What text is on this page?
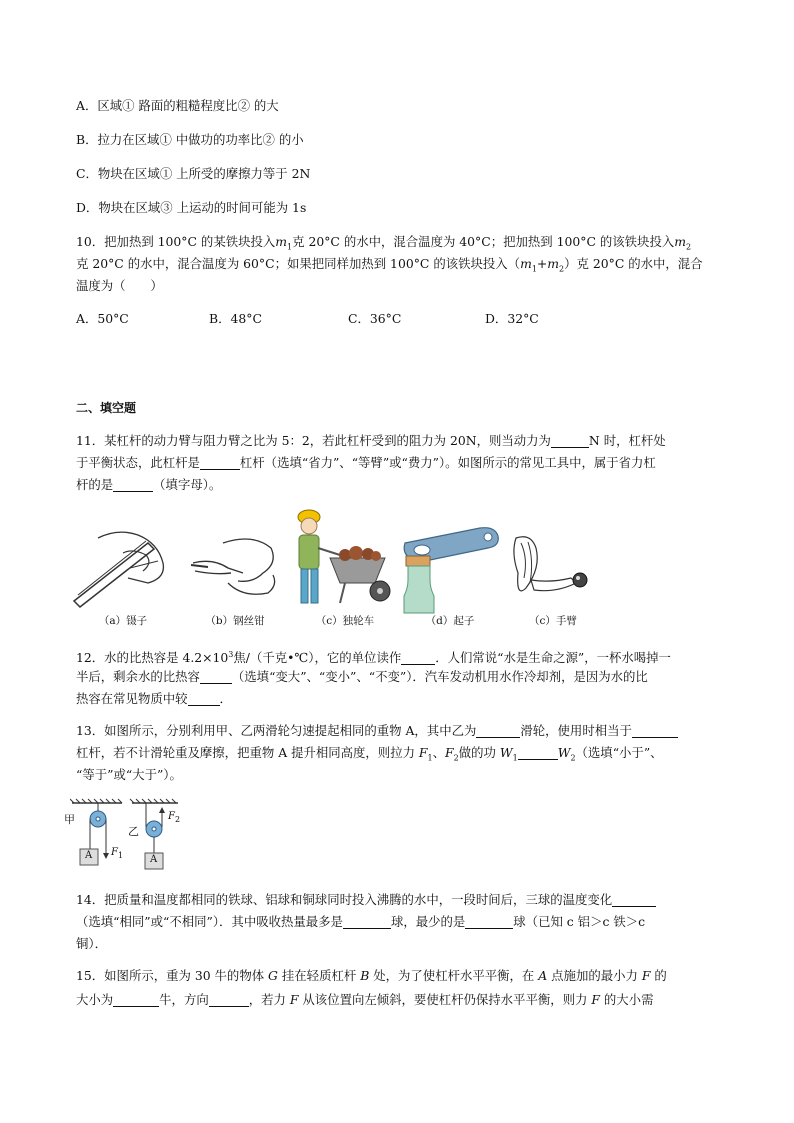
A．区域① 路面的粗糙程度比② 的大
B．拉力在区域① 中做功的功率比② 的小
C．物块在区域① 上所受的摩擦力等于 2N
D．物块在区域③ 上运动的时间可能为 1s
10．把加热到 100°C 的某铁块投入$m_1$克 20°C 的水中，混合温度为 40°C；把加热到 100°C 的该铁块投入$m_2$
克 20°C 的水中，混合温度为 60°C；如果把同样加热到 100°C 的该铁块投入$(m_1+m_2)$克 20°C 的水中，混合
温度为（　　）
A．50°C	B．48°C	C．36°C	D．32°C
二、填空题
11．某杠杆的动力臂与阻力臂之比为 5：2，若此杠杆受到的阻力为 20N，则当动力为	N 时，杠杆处
于平衡状态，此杠杆是	杠杆（选填“省力”、“等臂”或“费力”）。如图所示的常见工具中，属于省力杠
杆的是	（填字母）。
（a）镊子	（b）钢丝钳	（c）独轮车	（d）起子	（c）手臂
12．水的比热容是 $4.2\times 10^3$焦/（千克•℃），它的单位读作	．人们常说“水是生命之源”，一杯水喝掉一
半后，剩余水的比热容	（选填“变大”、“变小”、“不变”）．汽车发动机用水作冷却剂，是因为水的比
热容在常见物质中较	．
13．如图所示，分别利用甲、乙两滑轮匀速提起相同的重物 A，其中乙为	滑轮，使用时相当于
杠杆，若不计滑轮重及摩擦，把重物 A 提升相同高度，则拉力 $F_1$、$F_2$做的功 $W_1$	$W_2$（选填“小于”、
“等于”或“大于”）。
甲
乙
A	A
$F_1$
$F_2$
14．把质量和温度都相同的铁球、铝球和铜球同时投入沸腾的水中，一段时间后，三球的温度变化
（选填“相同”或“不相同”）．其中吸收热量最多是	球，最少的是	球（已知 c 铝＞c 铁＞c
铜）．
15．如图所示，重为 30 牛的物体 G 挂在轻质杠杆 B 处，为了使杠杆水平平衡，在 A 点施加的最小力 F 的
大小为	牛，方向	，若力 F 从该位置向左倾斜，要使杠杆仍保持水平平衡，则力 F 的大小需
